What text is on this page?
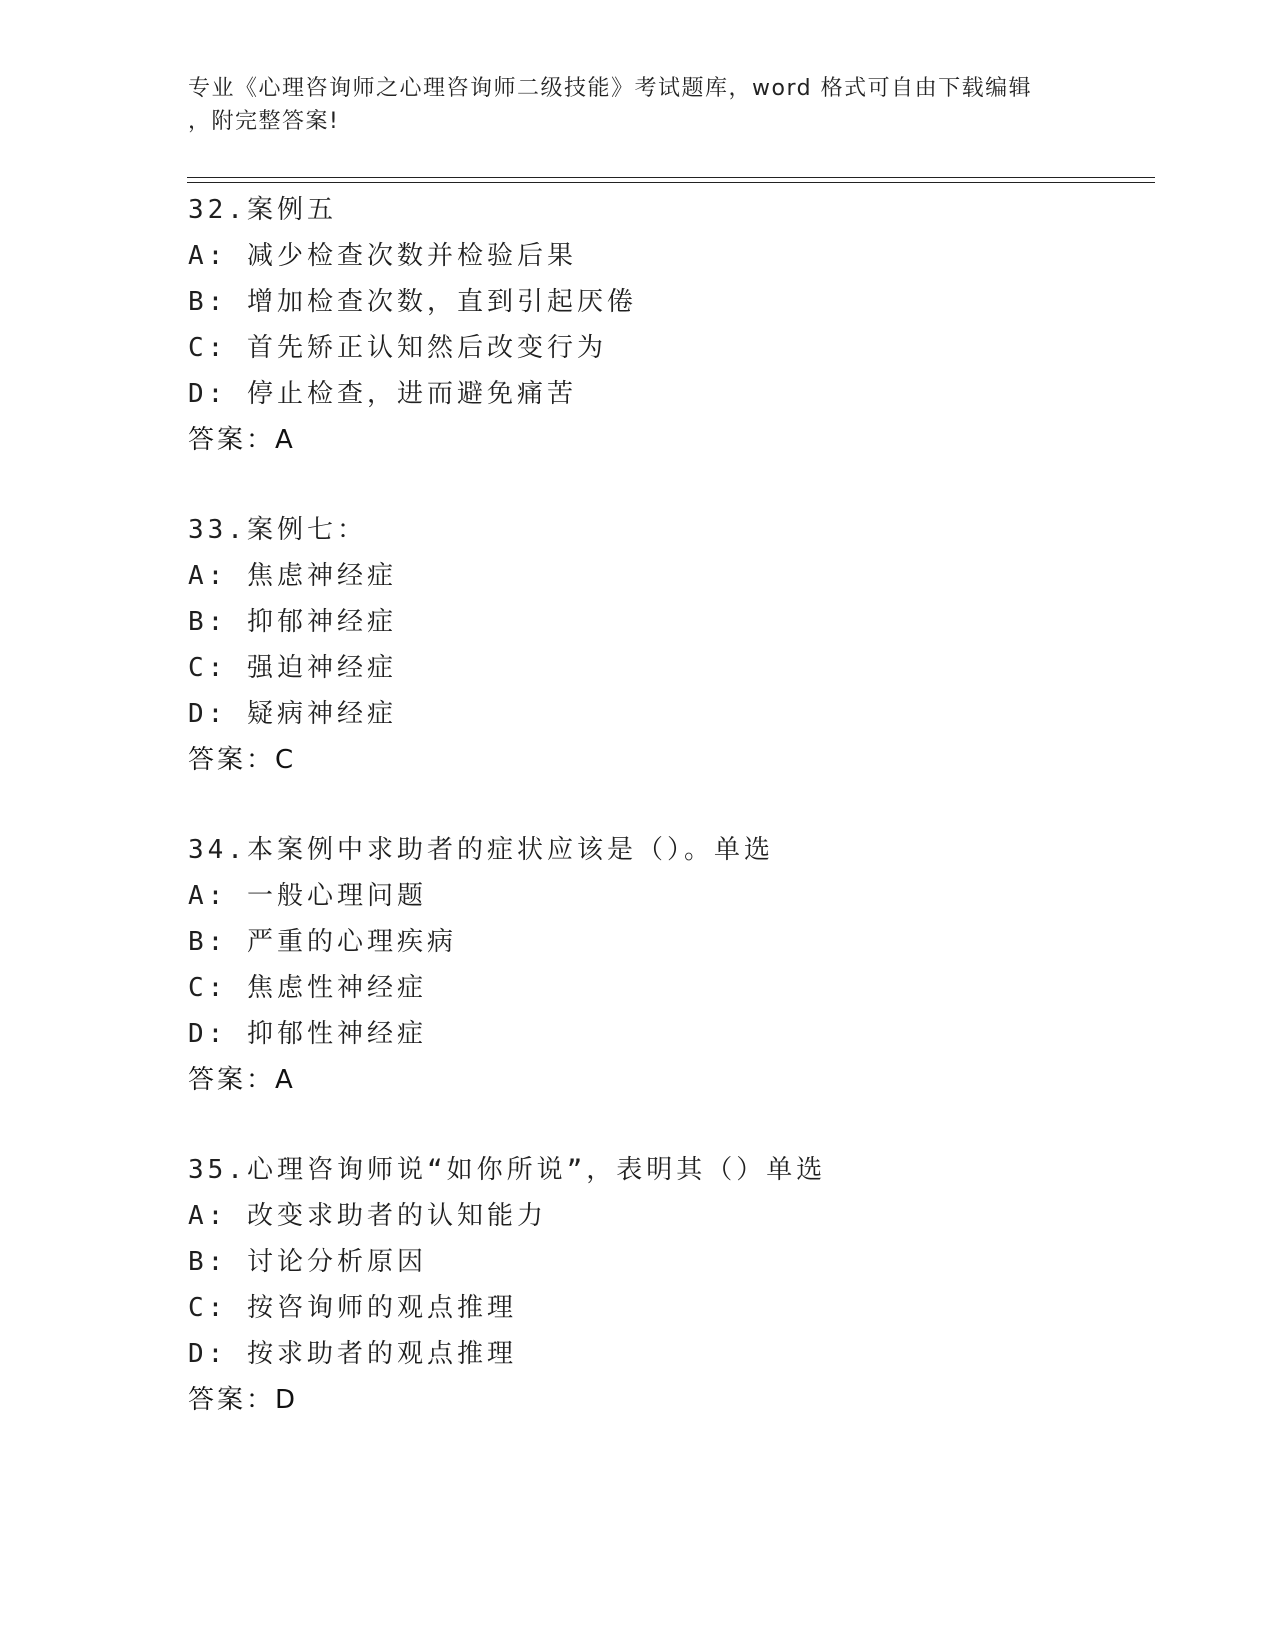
专业《心理咨询师之心理咨询师二级技能》考试题库，word 格式可自由下载编辑
，附完整答案!
32.案例五
A: 减少检查次数并检验后果
B: 增加检查次数，直到引起厌倦
C: 首先矫正认知然后改变行为
D: 停止检查，进而避免痛苦
答案：A
33.案例七：
A: 焦虑神经症
B: 抑郁神经症
C: 强迫神经症
D: 疑病神经症
答案：C
34.本案例中求助者的症状应该是（）。单选
A: 一般心理问题
B: 严重的心理疾病
C: 焦虑性神经症
D: 抑郁性神经症
答案：A
35.心理咨询师说“如你所说”，表明其（）单选
A: 改变求助者的认知能力
B: 讨论分析原因
C: 按咨询师的观点推理
D: 按求助者的观点推理
答案：D
